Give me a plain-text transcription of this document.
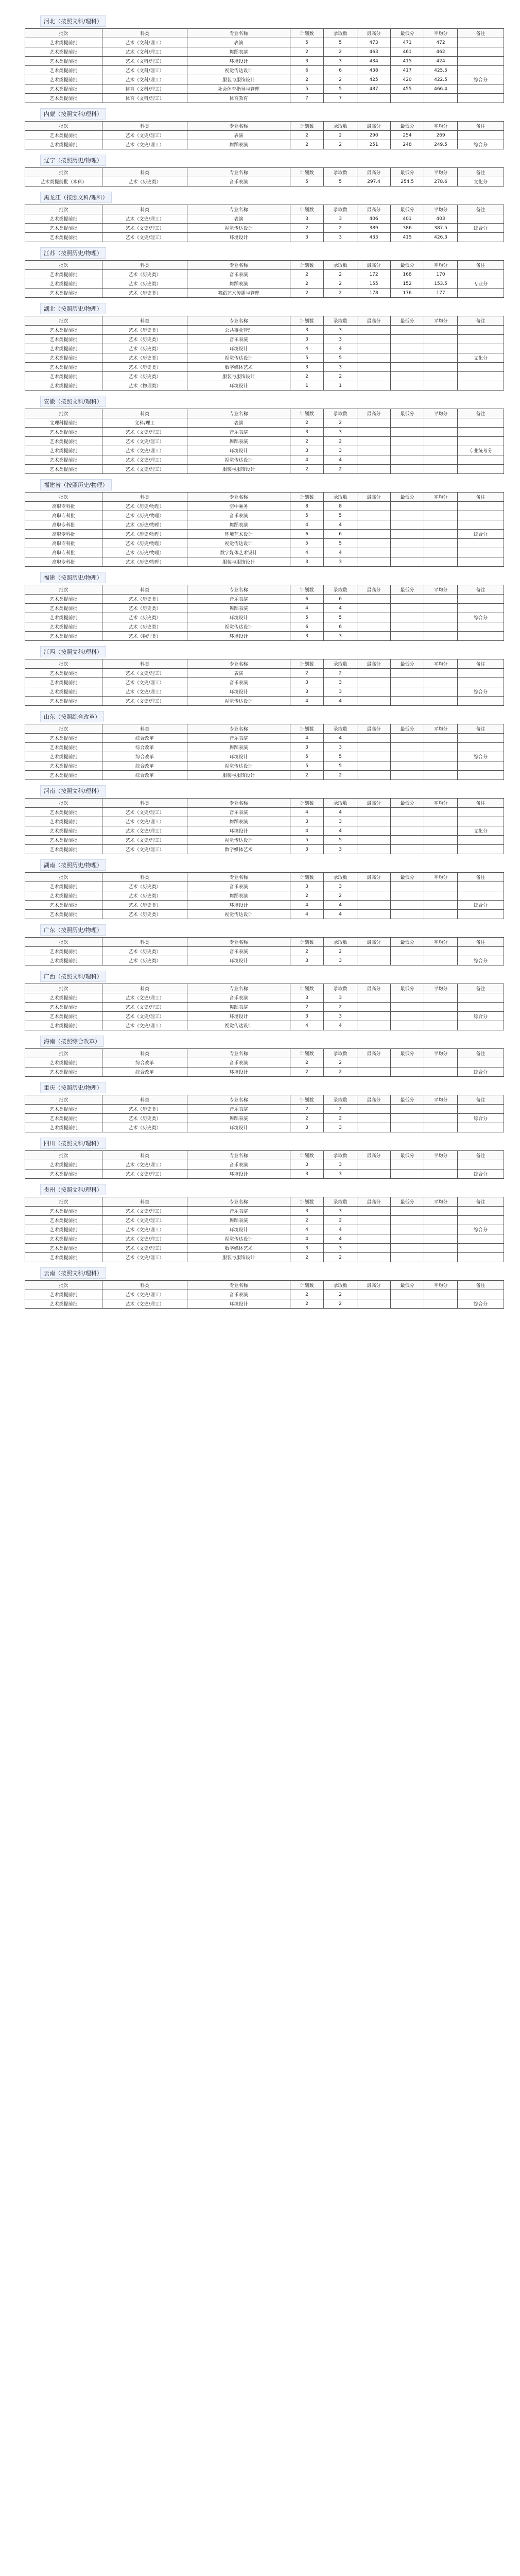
河北（按照文科/理科）
批次	科类	专业名称	计划数	录取数	最高分	最低分	平均分	备注
艺术类提前批	艺术（文科/理工）	表演	5	5	473	471	472	
艺术类提前批	艺术（文科/理工）	舞蹈表演	2	2	463	461	462	
艺术类提前批	艺术（文科/理工）	环境设计	3	3	434	415	424	
艺术类提前批	艺术（文科/理工）	视觉传达设计	6	6	438	417	425.5	
艺术类提前批	艺术（文科/理工）	服装与服饰设计	2	2	425	420	422.5	综合分
艺术类提前批	体育（文科/理工）	社会体育指导与管理	5	5	487	455	466.4	
艺术类提前批	体育（文科/理工）	体育教育	7	7				
内蒙（按照文科/理科）
批次	科类	专业名称	计划数	录取数	最高分	最低分	平均分	备注
艺术类提前批	艺术（文史/理工）	表演	2	2	290	254	269	
艺术类提前批	艺术（文史/理工）	舞蹈表演	2	2	251	248	249.5	综合分
辽宁（按照历史/物理）
批次	科类	专业名称	计划数	录取数	最高分	最低分	平均分	备注
艺术类提前批（本科）	艺术（历史类）	音乐表演	5	5	297.4	254.5	278.6	文化分
黑龙江（按照文科/理科）
批次	科类	专业名称	计划数	录取数	最高分	最低分	平均分	备注
艺术类提前批	艺术（文史/理工）	表演	3	3	406	401	403	
艺术类提前批	艺术（文史/理工）	视觉传达设计	2	2	389	386	387.5	综合分
艺术类提前批	艺术（文史/理工）	环境设计	3	3	433	415	426.3	
江苏（按照历史/物理）
批次	科类	专业名称	计划数	录取数	最高分	最低分	平均分	备注
艺术类提前批	艺术（历史类）	音乐表演	2	2	172	168	170	
艺术类提前批	艺术（历史类）	舞蹈表演	2	2	155	152	153.5	专业分
艺术类提前批	艺术（历史类）	舞蹈艺术传播与管理	2	2	178	176	177	
湖北（按照历史/物理）
批次	科类	专业名称	计划数	录取数	最高分	最低分	平均分	备注
艺术类提前批	艺术（历史类）	公共事业管理	3	3				
艺术类提前批	艺术（历史类）	音乐表演	3	3				
艺术类提前批	艺术（历史类）	环境设计	4	4				
艺术类提前批	艺术（历史类）	视觉传达设计	5	5				文化分
艺术类提前批	艺术（历史类）	数字媒体艺术	3	3				
艺术类提前批	艺术（历史类）	服装与服饰设计	2	2				
艺术类提前批	艺术（物理类）	环境设计	1	1				
安徽（按照文科/理科）
批次	科类	专业名称	计划数	录取数	最高分	最低分	平均分	备注
文理科提前批	文科/理工	表演	2	2				
艺术类提前批	艺术（文史/理工）	音乐表演	3	3				
艺术类提前批	艺术（文史/理工）	舞蹈表演	2	2				
艺术类提前批	艺术（文史/理工）	环境设计	3	3				专业统考分
艺术类提前批	艺术（文史/理工）	视觉传达设计	4	4				
艺术类提前批	艺术（文史/理工）	服装与服饰设计	2	2				
福建省（按照历史/物理）
批次	科类	专业名称	计划数	录取数	最高分	最低分	平均分	备注
高职专科批	艺术（历史/物理）	空中乘务	8	8				
高职专科批	艺术（历史/物理）	音乐表演	5	5				
高职专科批	艺术（历史/物理）	舞蹈表演	4	4				
高职专科批	艺术（历史/物理）	环境艺术设计	6	6				综合分
高职专科批	艺术（历史/物理）	视觉传达设计	5	5				
高职专科批	艺术（历史/物理）	数字媒体艺术设计	4	4				
高职专科批	艺术（历史/物理）	服装与服饰设计	3	3				
福建（按照历史/物理）
批次	科类	专业名称	计划数	录取数	最高分	最低分	平均分	备注
艺术类提前批	艺术（历史类）	音乐表演	6	6				
艺术类提前批	艺术（历史类）	舞蹈表演	4	4				
艺术类提前批	艺术（历史类）	环境设计	5	5				综合分
艺术类提前批	艺术（历史类）	视觉传达设计	6	6				
艺术类提前批	艺术（物理类）	环境设计	3	3				
江西（按照文科/理科）
批次	科类	专业名称	计划数	录取数	最高分	最低分	平均分	备注
艺术类提前批	艺术（文史/理工）	表演	2	2				
艺术类提前批	艺术（文史/理工）	音乐表演	3	3				
艺术类提前批	艺术（文史/理工）	环境设计	3	3				综合分
艺术类提前批	艺术（文史/理工）	视觉传达设计	4	4				
山东（按照综合改革）
批次	科类	专业名称	计划数	录取数	最高分	最低分	平均分	备注
艺术类提前批	综合改革	音乐表演	4	4				
艺术类提前批	综合改革	舞蹈表演	3	3				
艺术类提前批	综合改革	环境设计	5	5				综合分
艺术类提前批	综合改革	视觉传达设计	5	5				
艺术类提前批	综合改革	服装与服饰设计	2	2				
河南（按照文科/理科）
批次	科类	专业名称	计划数	录取数	最高分	最低分	平均分	备注
艺术类提前批	艺术（文史/理工）	音乐表演	4	4				
艺术类提前批	艺术（文史/理工）	舞蹈表演	3	3				
艺术类提前批	艺术（文史/理工）	环境设计	4	4				文化分
艺术类提前批	艺术（文史/理工）	视觉传达设计	5	5				
艺术类提前批	艺术（文史/理工）	数字媒体艺术	3	3				
湖南（按照历史/物理）
批次	科类	专业名称	计划数	录取数	最高分	最低分	平均分	备注
艺术类提前批	艺术（历史类）	音乐表演	3	3				
艺术类提前批	艺术（历史类）	舞蹈表演	2	2				
艺术类提前批	艺术（历史类）	环境设计	4	4				综合分
艺术类提前批	艺术（历史类）	视觉传达设计	4	4				
广东（按照历史/物理）
批次	科类	专业名称	计划数	录取数	最高分	最低分	平均分	备注
艺术类提前批	艺术（历史类）	音乐表演	2	2				
艺术类提前批	艺术（历史类）	环境设计	3	3				综合分
广西（按照文科/理科）
批次	科类	专业名称	计划数	录取数	最高分	最低分	平均分	备注
艺术类提前批	艺术（文史/理工）	音乐表演	3	3				
艺术类提前批	艺术（文史/理工）	舞蹈表演	2	2				
艺术类提前批	艺术（文史/理工）	环境设计	3	3				综合分
艺术类提前批	艺术（文史/理工）	视觉传达设计	4	4				
海南（按照综合改革）
批次	科类	专业名称	计划数	录取数	最高分	最低分	平均分	备注
艺术类提前批	综合改革	音乐表演	2	2				
艺术类提前批	综合改革	环境设计	2	2				综合分
重庆（按照历史/物理）
批次	科类	专业名称	计划数	录取数	最高分	最低分	平均分	备注
艺术类提前批	艺术（历史类）	音乐表演	2	2				
艺术类提前批	艺术（历史类）	舞蹈表演	2	2				综合分
艺术类提前批	艺术（历史类）	环境设计	3	3				
四川（按照文科/理科）
批次	科类	专业名称	计划数	录取数	最高分	最低分	平均分	备注
艺术类提前批	艺术（文史/理工）	音乐表演	3	3				
艺术类提前批	艺术（文史/理工）	环境设计	3	3				综合分
贵州（按照文科/理科）
批次	科类	专业名称	计划数	录取数	最高分	最低分	平均分	备注
艺术类提前批	艺术（文史/理工）	音乐表演	3	3				
艺术类提前批	艺术（文史/理工）	舞蹈表演	2	2				
艺术类提前批	艺术（文史/理工）	环境设计	4	4				综合分
艺术类提前批	艺术（文史/理工）	视觉传达设计	4	4				
艺术类提前批	艺术（文史/理工）	数字媒体艺术	3	3				
艺术类提前批	艺术（文史/理工）	服装与服饰设计	2	2				
云南（按照文科/理科）
批次	科类	专业名称	计划数	录取数	最高分	最低分	平均分	备注
艺术类提前批	艺术（文史/理工）	音乐表演	2	2				
艺术类提前批	艺术（文史/理工）	环境设计	2	2				综合分
